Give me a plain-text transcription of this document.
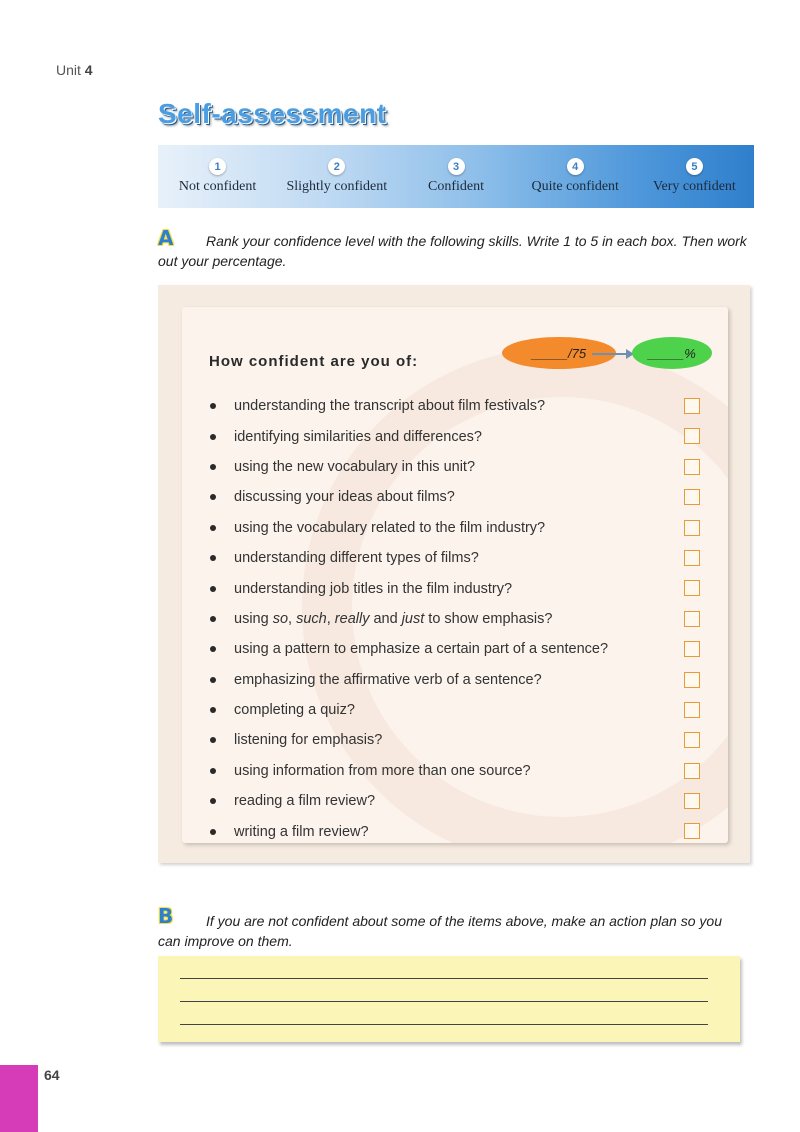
Unit 4
Self-assessment
1
Not confident
2
Slightly confident
3
Confident
4
Quite confident
5
Very confident
A	Rank your confidence level with the following skills. Write 1 to 5 in each box. Then work out your percentage.
How confident are you of:	_____/75	_____%
understanding the transcript about film festivals?
identifying similarities and differences?
using the new vocabulary in this unit?
discussing your ideas about films?
using the vocabulary related to the film industry?
understanding different types of films?
understanding job titles in the film industry?
using so, such, really and just to show emphasis?
using a pattern to emphasize a certain part of a sentence?
emphasizing the affirmative verb of a sentence?
completing a quiz?
listening for emphasis?
using information from more than one source?
reading a film review?
writing a film review?
B	If you are not confident about some of the items above, make an action plan so you can improve on them.
64
